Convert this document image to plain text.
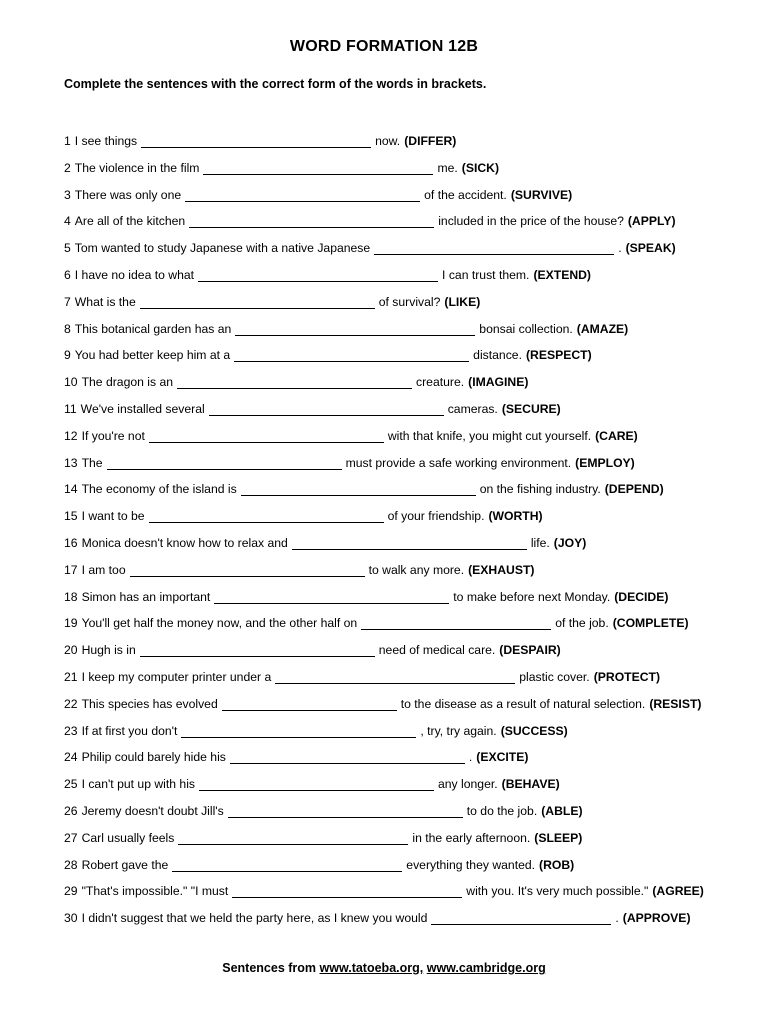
WORD FORMATION 12B
Complete the sentences with the correct form of the words in brackets.
1 I see things	now. (DIFFER)
2 The violence in the film	me. (SICK)
3 There was only one	of the accident. (SURVIVE)
4 Are all of the kitchen	included in the price of the house? (APPLY)
5 Tom wanted to study Japanese with a native Japanese	. (SPEAK)
6 I have no idea to what	I can trust them. (EXTEND)
7 What is the	of survival? (LIKE)
8 This botanical garden has an	bonsai collection. (AMAZE)
9 You had better keep him at a	distance. (RESPECT)
10 The dragon is an	creature. (IMAGINE)
11 We've installed several	cameras. (SECURE)
12 If you're not	with that knife, you might cut yourself. (CARE)
13 The	must provide a safe working environment. (EMPLOY)
14 The economy of the island is	on the fishing industry. (DEPEND)
15 I want to be	of your friendship. (WORTH)
16 Monica doesn't know how to relax and	life. (JOY)
17 I am too	to walk any more. (EXHAUST)
18 Simon has an important	to make before next Monday. (DECIDE)
19 You'll get half the money now, and the other half on	of the job. (COMPLETE)
20 Hugh is in	need of medical care. (DESPAIR)
21 I keep my computer printer under a	plastic cover. (PROTECT)
22 This species has evolved	to the disease as a result of natural selection. (RESIST)
23 If at first you don't	, try, try again. (SUCCESS)
24 Philip could barely hide his	. (EXCITE)
25 I can't put up with his	any longer. (BEHAVE)
26 Jeremy doesn't doubt Jill's	to do the job. (ABLE)
27 Carl usually feels	in the early afternoon. (SLEEP)
28 Robert gave the	everything they wanted. (ROB)
29 "That's impossible." "I must	with you. It's very much possible." (AGREE)
30 I didn't suggest that we held the party here, as I knew you would	. (APPROVE)
Sentences from www.tatoeba.org, www.cambridge.org
